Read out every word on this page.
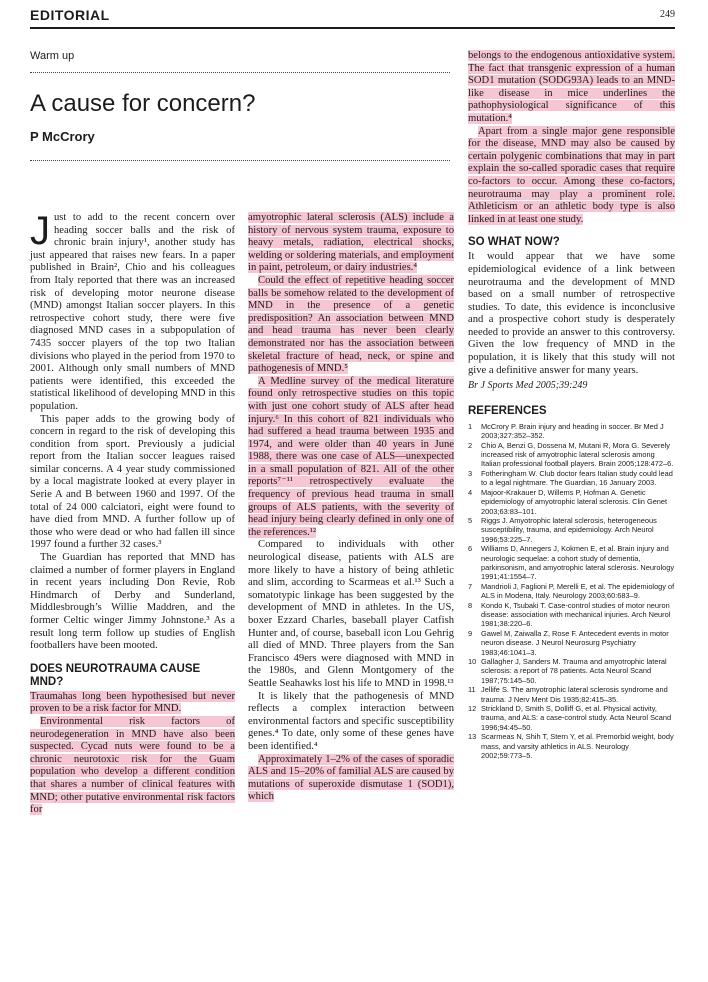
EDITORIAL	249
Warm up
A cause for concern?
P McCrory

Just to add to the recent concern over heading soccer balls and the risk of chronic brain injury¹, another study has just appeared that raises new fears. In a paper published in Brain², Chio and his colleagues from Italy reported that there was an increased risk of developing motor neurone disease (MND) amongst Italian soccer players. In this retrospective cohort study, there were five diagnosed MND cases in a subpopulation of 7435 soccer players of the top two Italian divisions who played in the period from 1970 to 2001. Although only small numbers of MND patients were identified, this exceeded the statistical likelihood of developing MND in this population.

This paper adds to the growing body of concern in regard to the risk of developing this condition from sport. Previously a judicial report from the Italian soccer leagues raised similar concerns. A 4 year study commissioned by a local magistrate looked at every player in Serie A and B between 1960 and 1997. Of the total of 24 000 calciatori, eight were found to have died from MND. A further follow up of those who were dead or who had fallen ill since 1997 found a further 32 cases.³

The Guardian has reported that MND has claimed a number of former players in England in recent years including Don Revie, Rob Hindmarch of Derby and Sunderland, Middlesbrough’s Willie Maddren, and the former Celtic winger Jimmy Johnstone.³ As a result long term follow up studies of English footballers have been mooted.

DOES NEUROTRAUMA CAUSE MND?

Traumahas long been hypothesised but never proven to be a risk factor for MND.

Environmental risk factors of neurodegeneration in MND have also been suspected. Cycad nuts were found to be a chronic neurotoxic risk for the Guam population who develop a different condition that shares a number of clinical features with MND; other putative environmental risk factors for

amyotrophic lateral sclerosis (ALS) include a history of nervous system trauma, exposure to heavy metals, radiation, electrical shocks, welding or soldering materials, and employment in paint, petroleum, or dairy industries.⁴

Could the effect of repetitive heading soccer balls be somehow related to the development of MND in the presence of a genetic predisposition? An association between MND and head trauma has never been clearly demonstrated nor has the association between skeletal fracture of head, neck, or spine and pathogenesis of MND.⁵

A Medline survey of the medical literature found only retrospective studies on this topic with just one cohort study of ALS after head injury.⁶ In this cohort of 821 individuals who had suffered a head trauma between 1935 and 1974, and were older than 40 years in June 1988, there was one case of ALS—unexpected in a small population of 821. All of the other reports⁷⁻¹¹ retrospectively evaluate the frequency of previous head trauma in small groups of ALS patients, with the severity of head injury being clearly defined in only one of the references.¹²

Compared to individuals with other neurological disease, patients with ALS are more likely to have a history of being athletic and slim, according to Scarmeas et al.¹³ Such a somatotypic linkage has been suggested by the development of MND in athletes. In the US, boxer Ezzard Charles, baseball player Catfish Hunter and, of course, baseball icon Lou Gehrig all died of MND. Three players from the San Francisco 49ers were diagnosed with MND in the 1980s, and Glenn Montgomery of the Seattle Seahawks lost his life to MND in 1998.¹³

It is likely that the pathogenesis of MND reflects a complex interaction between environmental factors and specific susceptibility genes.⁴ To date, only some of these genes have been identified.⁴

Approximately 1–2% of the cases of sporadic ALS and 15–20% of familial ALS are caused by mutations of superoxide dismutase 1 (SOD1), which

belongs to the endogenous antioxidative system. The fact that transgenic expression of a human SOD1 mutation (SODG93A) leads to an MND-like disease in mice underlines the pathophysiological significance of this mutation.⁴

Apart from a single major gene responsible for the disease, MND may also be caused by certain polygenic combinations that may in part explain the so-called sporadic cases that require co-factors to occur. Among these co-factors, neurotrauma may play a prominent role. Athleticism or an athletic body type is also linked in at least one study.

SO WHAT NOW?

It would appear that we have some epidemiological evidence of a link between neurotrauma and the development of MND based on a small number of retrospective studies. To date, this evidence is inconclusive and a prospective cohort study is desperately needed to provide an answer to this controversy. Given the low frequency of MND in the population, it is likely that this study will not give a definitive answer for many years.

Br J Sports Med 2005;39:249
REFERENCES
1 McCrory P. Brain injury and heading in soccer. Br Med J 2003;327:352–352.
2 Chio A, Benzi G, Dossena M, Mutani R, Mora G. Severely increased risk of amyotrophic lateral sclerosis among Italian professional football players. Brain 2005;128:472–6.
3 Fotheringham W. Club doctor fears Italian study could lead to a legal nightmare. The Guardian, 16 January 2003.
4 Majoor-Krakauer D, Willems P, Hofman A. Genetic epidemiology of amyotrophic lateral sclerosis. Clin Genet 2003;63:83–101.
5 Riggs J. Amyotrophic lateral sclerosis, heterogeneous susceptibility, trauma, and epidemiology. Arch Neurol 1996;53:225–7.
6 Williams D, Annegers J, Kokmen E, et al. Brain injury and neurologic sequelae: a cohort study of dementia, parkinsonism, and amyotrophic lateral sclerosis. Neurology 1991;41:1554–7.
7 Mandrioli J, Faglioni P, Merelli E, et al. The epidemiology of ALS in Modena, Italy. Neurology 2003;60:683–9.
8 Kondo K, Tsubaki T. Case-control studies of motor neuron disease: association with mechanical injuries. Arch Neurol 1981;38:220–6.
9 Gawel M, Zaiwalla Z, Rose F. Antecedent events in motor neuron disease. J Neurol Neurosurg Psychiatry 1983;46:1041–3.
10 Gallagher J, Sanders M. Trauma and amyotrophic lateral sclerosis: a report of 78 patients. Acta Neurol Scand 1987;75:145–50.
11 Jellife S. The amyotrophic lateral sclerosis syndrome and trauma. J Nerv Ment Dis 1935;82:415–35.
12 Strickland D, Smith S, Dolliff G, et al. Physical activity, trauma, and ALS: a case-control study. Acta Neurol Scand 1996;94:45–50.
13 Scarmeas N, Shih T, Stern Y, et al. Premorbid weight, body mass, and varsity athletics in ALS. Neurology 2002;59:773–5.
